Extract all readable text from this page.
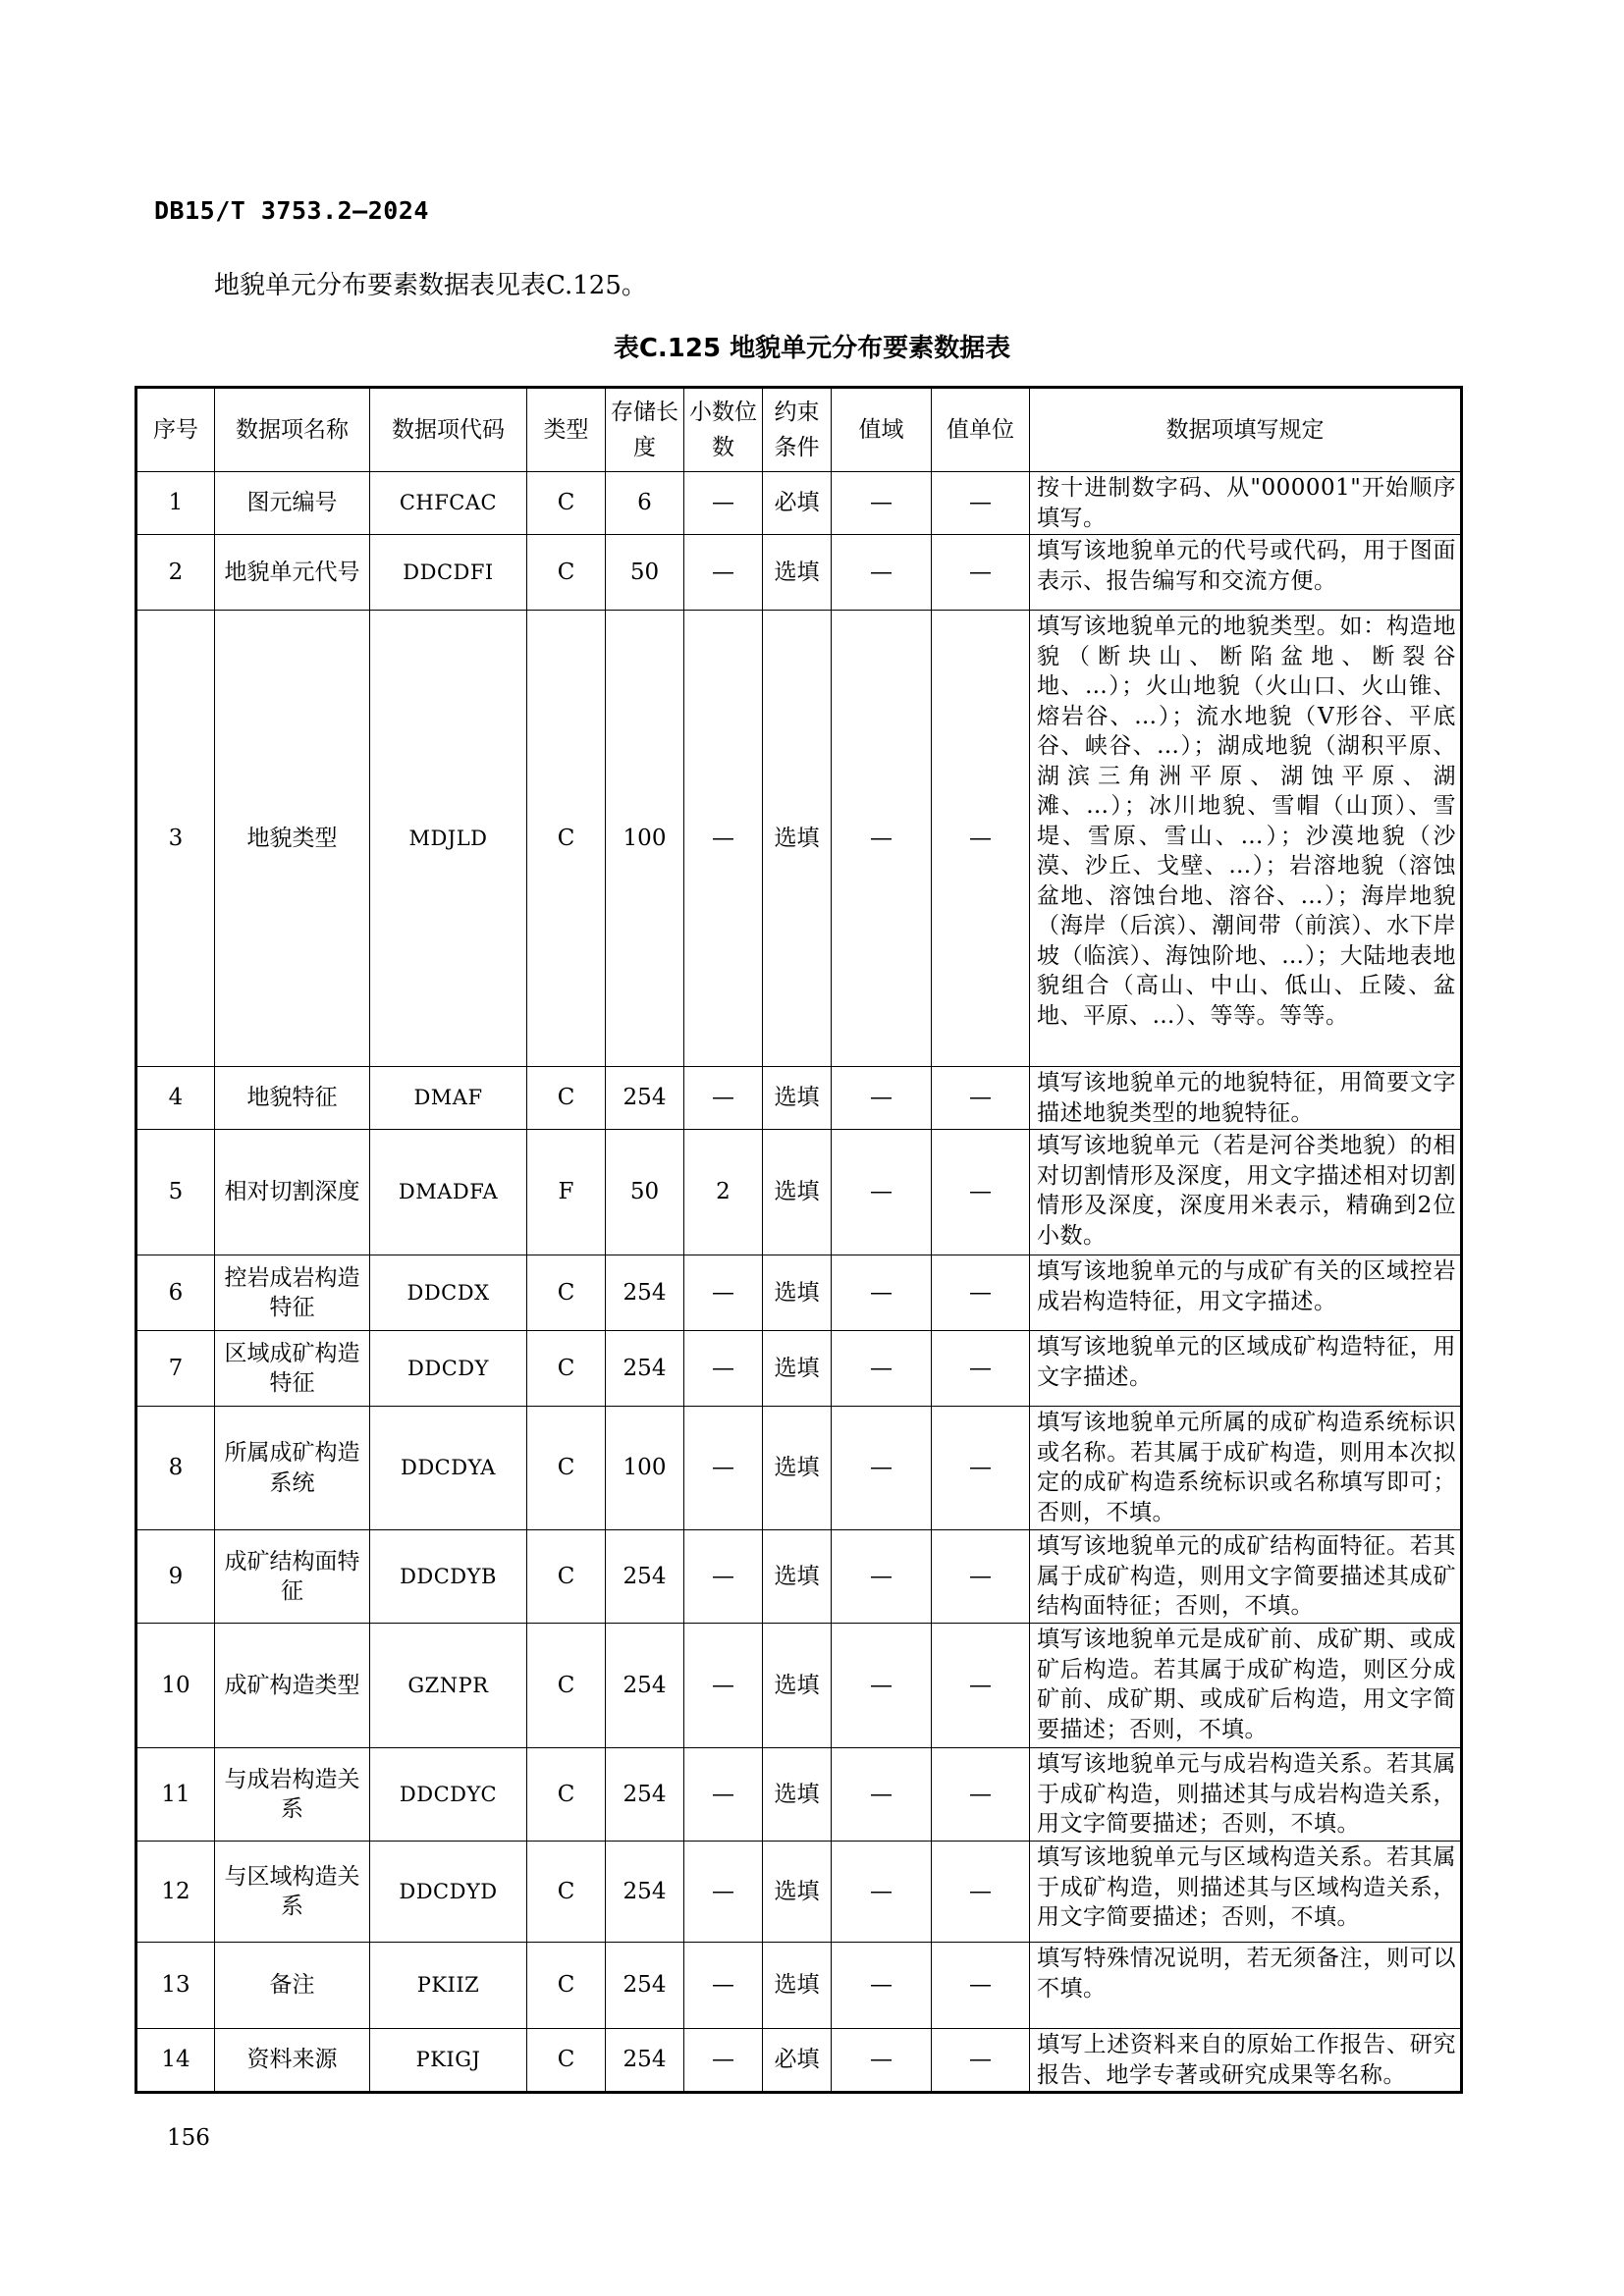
DB15/T 3753.2—2024
地貌单元分布要素数据表见表C.125。
表C.125 地貌单元分布要素数据表
序号	数据项名称	数据项代码	类型	存储长度	小数位数	约束条件	值域	值单位	数据项填写规定
1	图元编号	CHFCAC	C	6	—	必填	—	—	按十进制数字码、从"000001"开始顺序填写。
2	地貌单元代号	DDCDFI	C	50	—	选填	—	—	填写该地貌单元的代号或代码，用于图面表示、报告编写和交流方便。
3	地貌类型	MDJLD	C	100	—	选填	—	—	填写该地貌单元的地貌类型。如：构造地貌（断块山、断陷盆地、断裂谷地、…）；火山地貌（火山口、火山锥、熔岩谷、…）；流水地貌（V形谷、平底谷、峡谷、…）；湖成地貌（湖积平原、湖滨三角洲平原、湖蚀平原、湖滩、…）；冰川地貌、雪帽（山顶）、雪堤、雪原、雪山、…）；沙漠地貌（沙漠、沙丘、戈壁、…）；岩溶地貌（溶蚀盆地、溶蚀台地、溶谷、…）；海岸地貌（海岸（后滨）、潮间带（前滨）、水下岸坡（临滨）、海蚀阶地、…）；大陆地表地貌组合（高山、中山、低山、丘陵、盆地、平原、…）、等等。等等。
4	地貌特征	DMAF	C	254	—	选填	—	—	填写该地貌单元的地貌特征，用简要文字描述地貌类型的地貌特征。
5	相对切割深度	DMADFA	F	50	2	选填	—	—	填写该地貌单元（若是河谷类地貌）的相对切割情形及深度，用文字描述相对切割情形及深度，深度用米表示，精确到2位小数。
6	控岩成岩构造特征	DDCDX	C	254	—	选填	—	—	填写该地貌单元的与成矿有关的区域控岩成岩构造特征，用文字描述。
7	区域成矿构造特征	DDCDY	C	254	—	选填	—	—	填写该地貌单元的区域成矿构造特征，用文字描述。
8	所属成矿构造系统	DDCDYA	C	100	—	选填	—	—	填写该地貌单元所属的成矿构造系统标识或名称。若其属于成矿构造，则用本次拟定的成矿构造系统标识或名称填写即可；否则，不填。
9	成矿结构面特征	DDCDYB	C	254	—	选填	—	—	填写该地貌单元的成矿结构面特征。若其属于成矿构造，则用文字简要描述其成矿结构面特征；否则，不填。
10	成矿构造类型	GZNPR	C	254	—	选填	—	—	填写该地貌单元是成矿前、成矿期、或成矿后构造。若其属于成矿构造，则区分成矿前、成矿期、或成矿后构造，用文字简要描述；否则，不填。
11	与成岩构造关系	DDCDYC	C	254	—	选填	—	—	填写该地貌单元与成岩构造关系。若其属于成矿构造，则描述其与成岩构造关系，用文字简要描述；否则，不填。
12	与区域构造关系	DDCDYD	C	254	—	选填	—	—	填写该地貌单元与区域构造关系。若其属于成矿构造，则描述其与区域构造关系，用文字简要描述；否则，不填。
13	备注	PKIIZ	C	254	—	选填	—	—	填写特殊情况说明，若无须备注，则可以不填。
14	资料来源	PKIGJ	C	254	—	必填	—	—	填写上述资料来自的原始工作报告、研究报告、地学专著或研究成果等名称。
156
